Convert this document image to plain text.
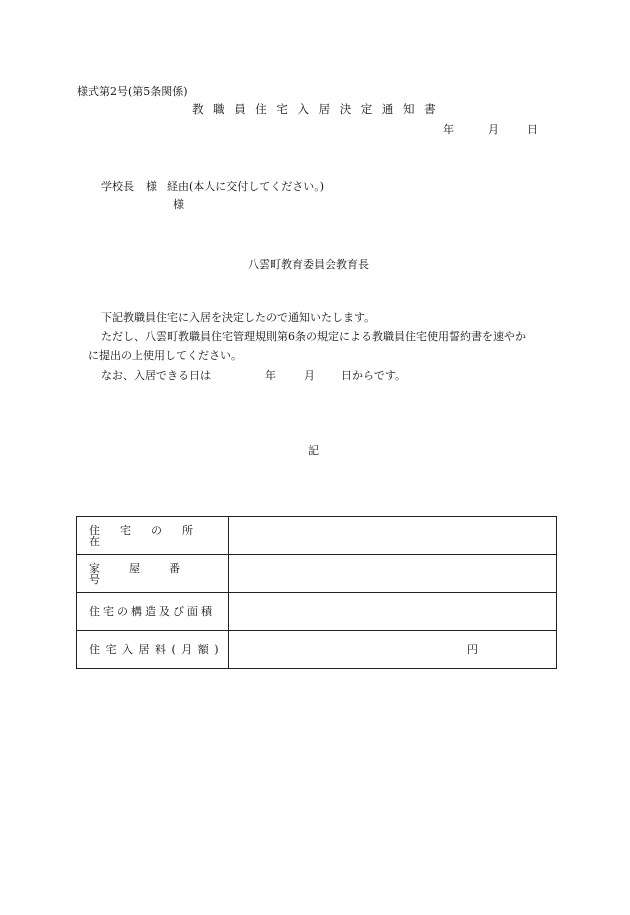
様式第2号(第5条関係)
教職員住宅入居決定通知書
年	月	日
学校長 様 経由(本人に交付してください。)
様
八雲町教育委員会教育長
下記教職員住宅に入居を決定したので通知いたします。
ただし、八雲町教職員住宅管理規則第6条の規定による教職員住宅使用誓約書を速やか
に提出の上使用してください。
なお、入居できる日は	年	月 日からです。
記
住宅の所在	
家屋番号	
住宅の構造及び面積	
住宅入居料(月額)	円
